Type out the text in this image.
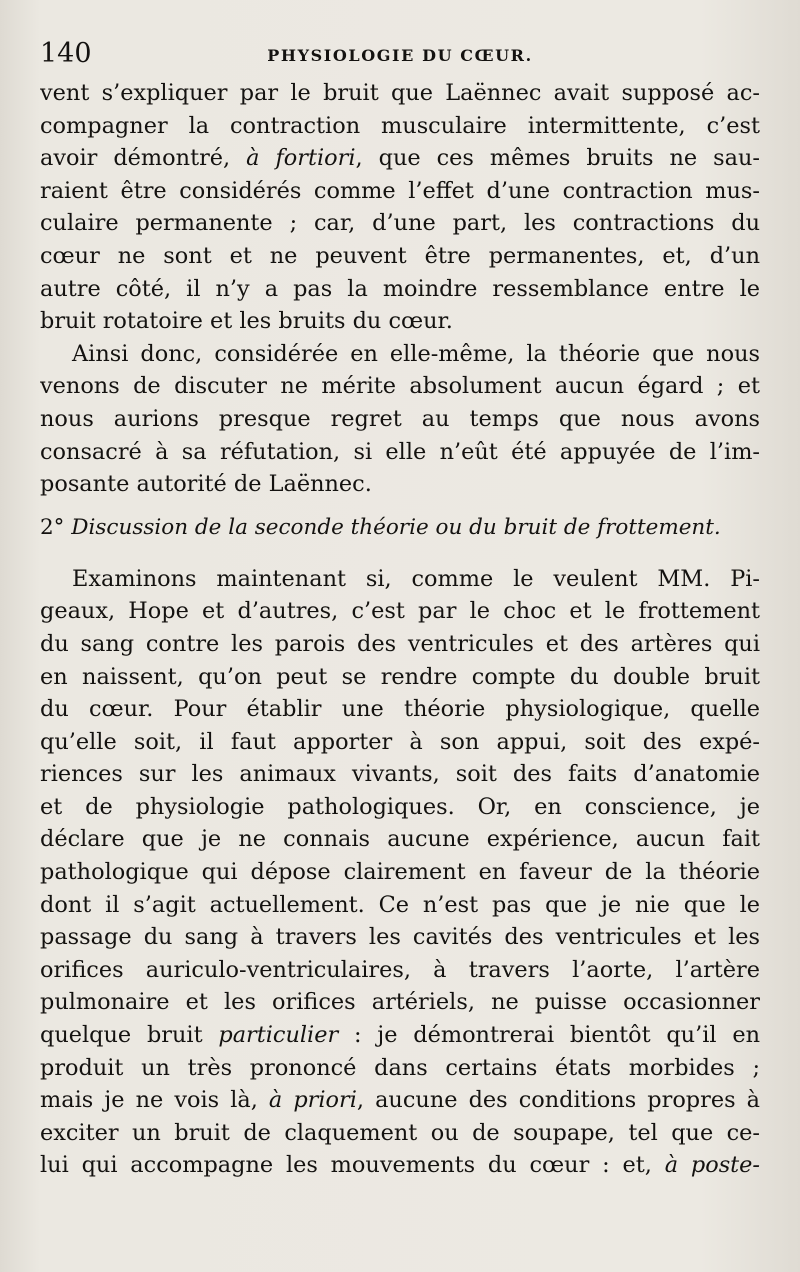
140	PHYSIOLOGIE DU CŒUR.
vent s’expliquer par le bruit que Laënnec avait supposé ac-
compagner la contraction musculaire intermittente, c’est
avoir démontré, à fortiori, que ces mêmes bruits ne sau-
raient être considérés comme l’effet d’une contraction mus-
culaire permanente ; car, d’une part, les contractions du
cœur ne sont et ne peuvent être permanentes, et, d’un
autre côté, il n’y a pas la moindre ressemblance entre le
bruit rotatoire et les bruits du cœur.
Ainsi donc, considérée en elle-même, la théorie que nous
venons de discuter ne mérite absolument aucun égard ; et
nous aurions presque regret au temps que nous avons
consacré à sa réfutation, si elle n’eût été appuyée de l’im-
posante autorité de Laënnec.
2° Discussion de la seconde théorie ou du bruit de frottement.
Examinons maintenant si, comme le veulent MM. Pi-
geaux, Hope et d’autres, c’est par le choc et le frottement
du sang contre les parois des ventricules et des artères qui
en naissent, qu’on peut se rendre compte du double bruit
du cœur. Pour établir une théorie physiologique, quelle
qu’elle soit, il faut apporter à son appui, soit des expé-
riences sur les animaux vivants, soit des faits d’anatomie
et de physiologie pathologiques. Or, en conscience, je
déclare que je ne connais aucune expérience, aucun fait
pathologique qui dépose clairement en faveur de la théorie
dont il s’agit actuellement. Ce n’est pas que je nie que le
passage du sang à travers les cavités des ventricules et les
orifices auriculo-ventriculaires, à travers l’aorte, l’artère
pulmonaire et les orifices artériels, ne puisse occasionner
quelque bruit particulier : je démontrerai bientôt qu’il en
produit un très prononcé dans certains états morbides ;
mais je ne vois là, à priori, aucune des conditions propres à
exciter un bruit de claquement ou de soupape, tel que ce-
lui qui accompagne les mouvements du cœur : et, à poste-
